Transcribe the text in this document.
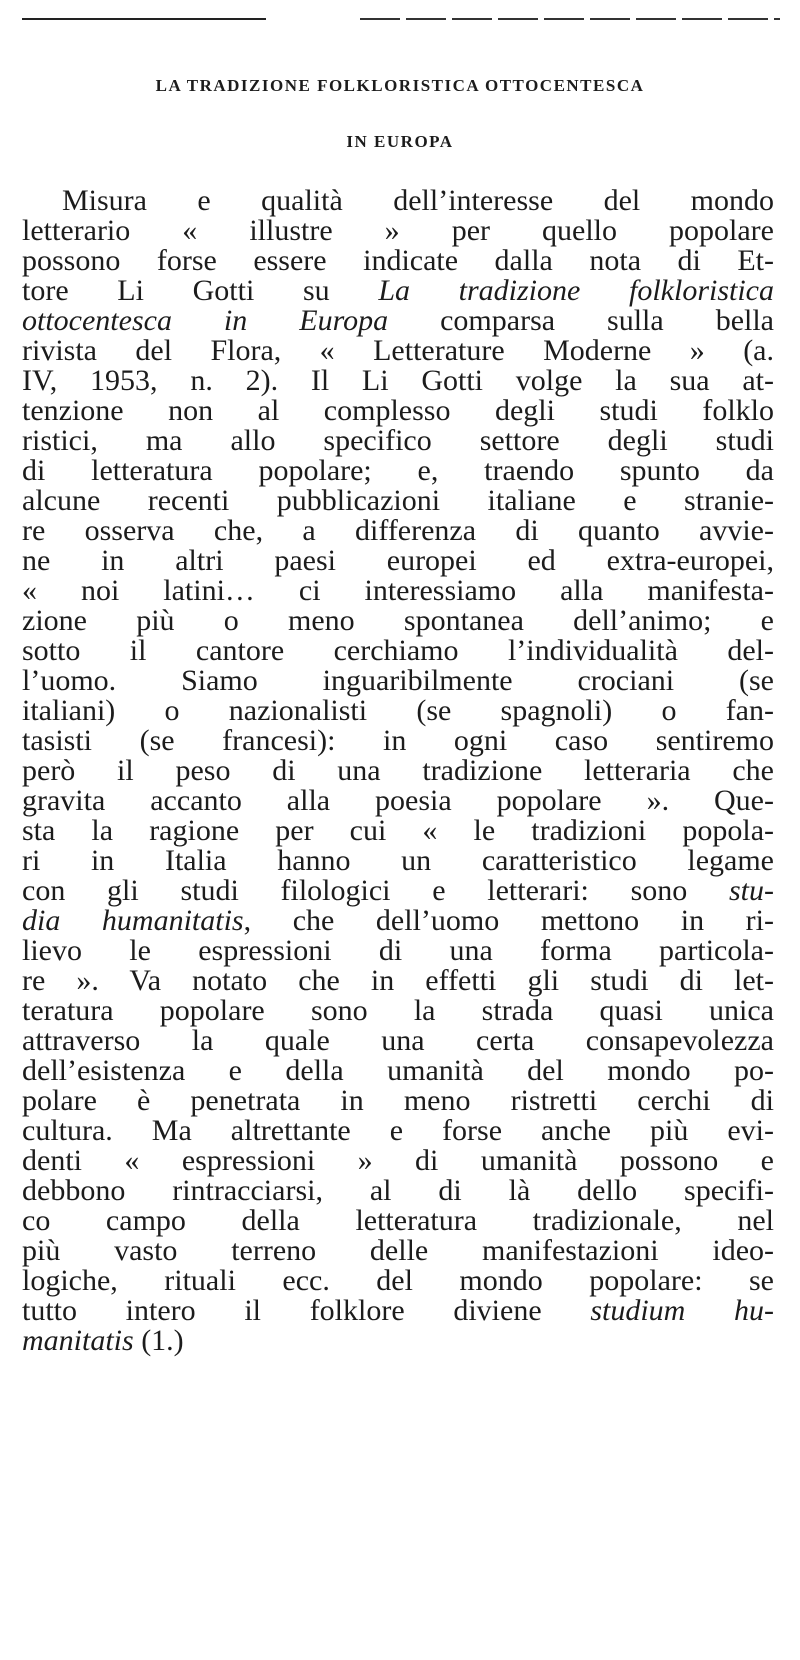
LA TRADIZIONE FOLKLORISTICA OTTOCENTESCA
IN EUROPA
Misura e qualità dell’interesse del mondo
letterario « illustre » per quello popolare
possono forse essere indicate dalla nota di Et-
tore Li Gotti su La tradizione folkloristica
ottocentesca in Europa comparsa sulla bella
rivista del Flora, « Letterature Moderne » (a.
IV, 1953, n. 2). Il Li Gotti volge la sua at-
tenzione non al complesso degli studi folklo
ristici, ma allo specifico settore degli studi
di letteratura popolare; e, traendo spunto da
alcune recenti pubblicazioni italiane e stranie-
re osserva che, a differenza di quanto avvie-
ne in altri paesi europei ed extra-europei,
« noi latini… ci interessiamo alla manifesta-
zione più o meno spontanea dell’animo; e
sotto il cantore cerchiamo l’individualità del-
l’uomo. Siamo inguaribilmente crociani (se
italiani) o nazionalisti (se spagnoli) o fan-
tasisti (se francesi): in ogni caso sentiremo
però il peso di una tradizione letteraria che
gravita accanto alla poesia popolare ». Que-
sta la ragione per cui « le tradizioni popola-
ri in Italia hanno un caratteristico legame
con gli studi filologici e letterari: sono stu-
dia humanitatis, che dell’uomo mettono in ri-
lievo le espressioni di una forma particola-
re ». Va notato che in effetti gli studi di let-
teratura popolare sono la strada quasi unica
attraverso la quale una certa consapevolezza
dell’esistenza e della umanità del mondo po-
polare è penetrata in meno ristretti cerchi di
cultura. Ma altrettante e forse anche più evi-
denti « espressioni » di umanità possono e
debbono rintracciarsi, al di là dello specifi-
co campo della letteratura tradizionale, nel
più vasto terreno delle manifestazioni ideo-
logiche, rituali ecc. del mondo popolare: se
tutto intero il folklore diviene studium hu-
manitatis (1.)
